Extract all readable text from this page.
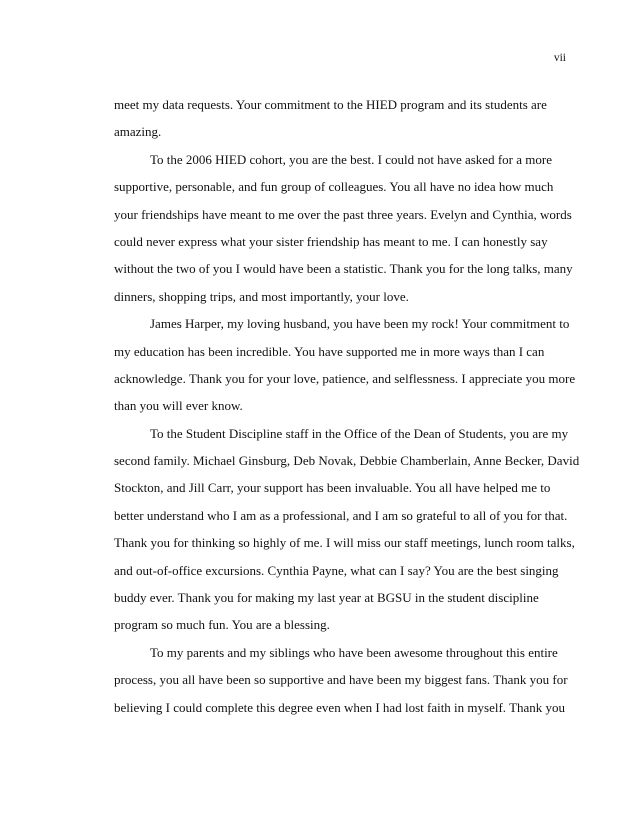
vii
meet my data requests. Your commitment to the HIED program and its students are
amazing.
To the 2006 HIED cohort, you are the best. I could not have asked for a more
supportive, personable, and fun group of colleagues. You all have no idea how much
your friendships have meant to me over the past three years. Evelyn and Cynthia, words
could never express what your sister friendship has meant to me. I can honestly say
without the two of you I would have been a statistic. Thank you for the long talks, many
dinners, shopping trips, and most importantly, your love.
James Harper, my loving husband, you have been my rock! Your commitment to
my education has been incredible. You have supported me in more ways than I can
acknowledge. Thank you for your love, patience, and selflessness. I appreciate you more
than you will ever know.
To the Student Discipline staff in the Office of the Dean of Students, you are my
second family. Michael Ginsburg, Deb Novak, Debbie Chamberlain, Anne Becker, David
Stockton, and Jill Carr, your support has been invaluable. You all have helped me to
better understand who I am as a professional, and I am so grateful to all of you for that.
Thank you for thinking so highly of me. I will miss our staff meetings, lunch room talks,
and out-of-office excursions. Cynthia Payne, what can I say? You are the best singing
buddy ever. Thank you for making my last year at BGSU in the student discipline
program so much fun. You are a blessing.
To my parents and my siblings who have been awesome throughout this entire
process, you all have been so supportive and have been my biggest fans. Thank you for
believing I could complete this degree even when I had lost faith in myself. Thank you
